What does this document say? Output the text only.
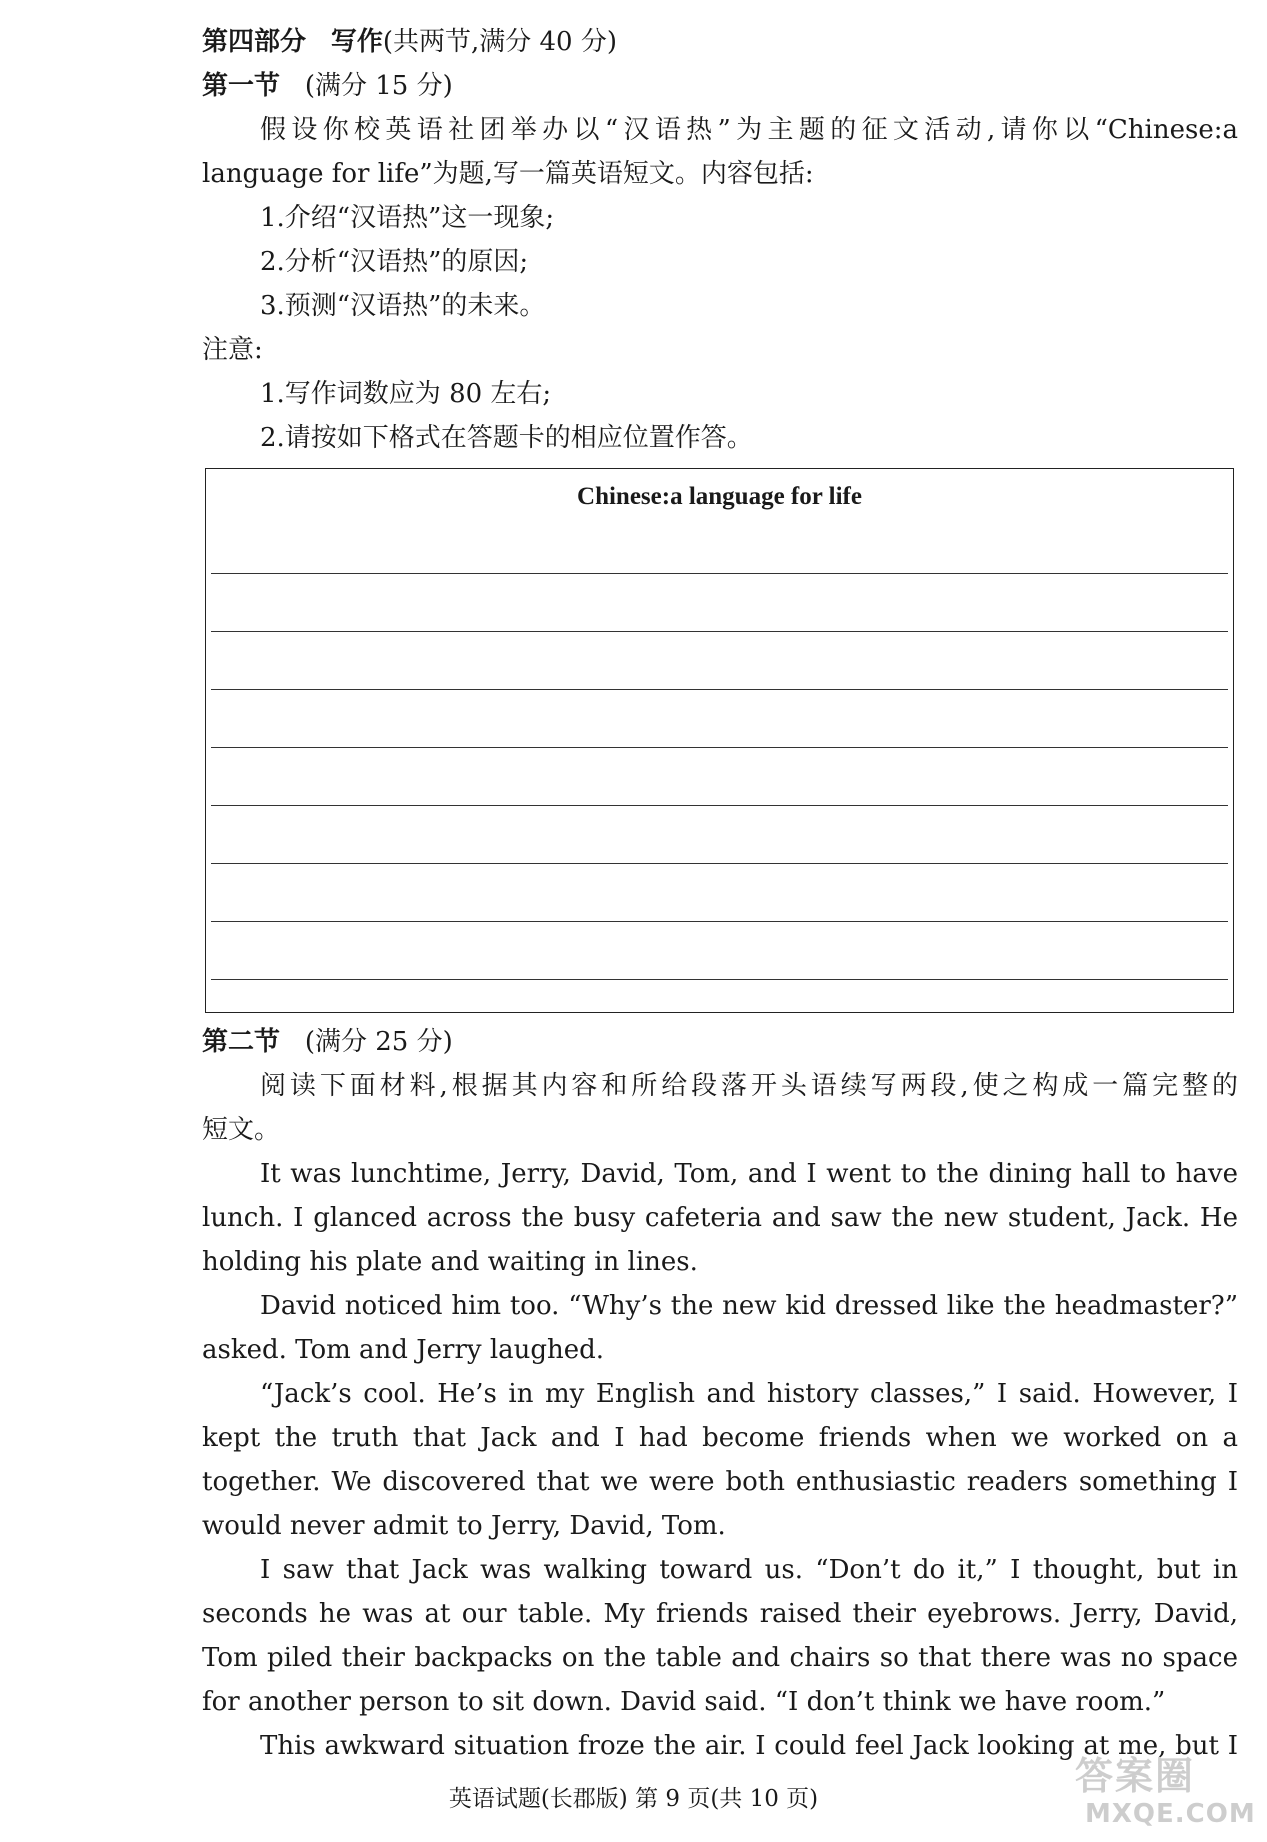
第四部分 写作(共两节,满分 40 分)
第一节 (满分 15 分)
假设你校英语社团举办以“汉语热”为主题的征文活动,请你以“Chinese:a
language for life”为题,写一篇英语短文。内容包括:
1.介绍“汉语热”这一现象;
2.分析“汉语热”的原因;
3.预测“汉语热”的未来。
注意:
1.写作词数应为 80 左右;
2.请按如下格式在答题卡的相应位置作答。
Chinese:a language for life
第二节 (满分 25 分)
阅读下面材料,根据其内容和所给段落开头语续写两段,使之构成一篇完整的
短文。
It was lunchtime, Jerry, David, Tom, and I went to the dining hall to have
lunch. I glanced across the busy cafeteria and saw the new student, Jack. He
holding his plate and waiting in lines.
David noticed him too. “Why’s the new kid dressed like the headmaster?”
asked. Tom and Jerry laughed.
“Jack’s cool. He’s in my English and history classes,” I said. However, I
kept the truth that Jack and I had become friends when we worked on a
together. We discovered that we were both enthusiastic readers something I
would never admit to Jerry, David, Tom.
I saw that Jack was walking toward us. “Don’t do it,” I thought, but in
seconds he was at our table. My friends raised their eyebrows. Jerry, David,
Tom piled their backpacks on the table and chairs so that there was no space
for another person to sit down. David said. “I don’t think we have room.”
This awkward situation froze the air. I could feel Jack looking at me, but I
英语试题(长郡版) 第 9 页(共 10 页)
答案圈
MXQE.COM
